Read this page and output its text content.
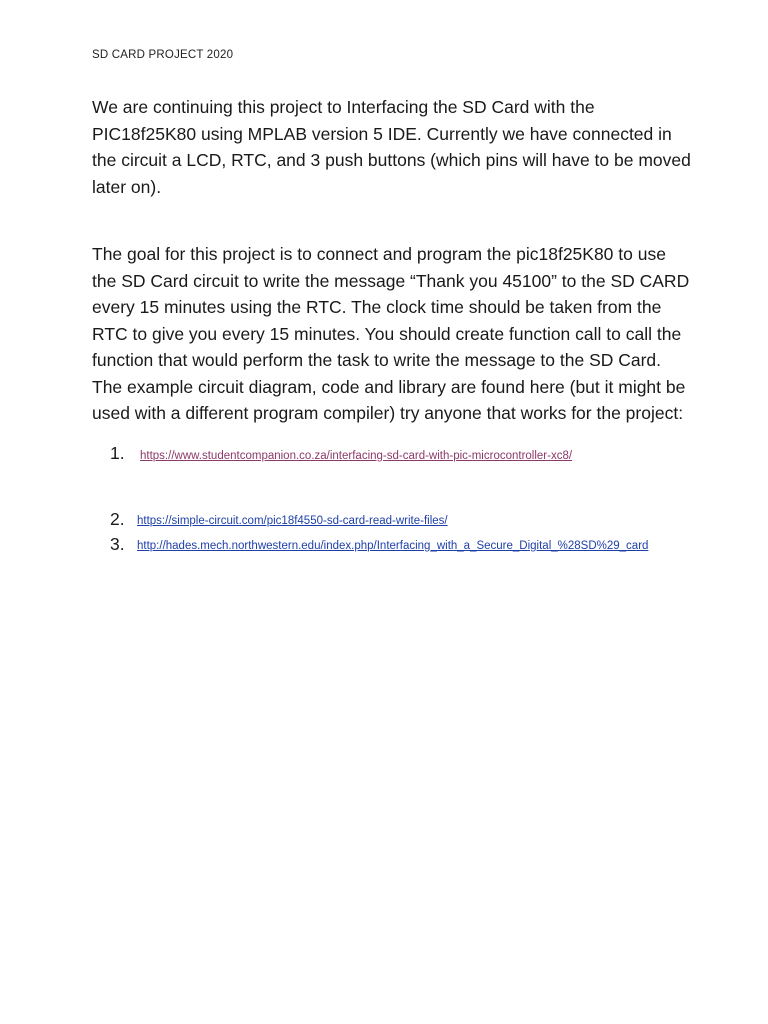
SD CARD PROJECT 2020

We are continuing this project to Interfacing the SD Card with the PIC18f25K80 using MPLAB version 5 IDE. Currently we have connected in the circuit a LCD, RTC, and 3 push buttons (which pins will have to be moved later on).

The goal for this project is to connect and program the pic18f25K80 to use the SD Card circuit to write the message “Thank you 45100” to the SD CARD every 15 minutes using the RTC. The clock time should be taken from the RTC to give you every 15 minutes. You should create function call to call the function that would perform the task to write the message to the SD Card. The example circuit diagram, code and library are found here (but it might be used with a different program compiler) try anyone that works for the project:

1. https://www.studentcompanion.co.za/interfacing-sd-card-with-pic-microcontroller-xc8/
2. https://simple-circuit.com/pic18f4550-sd-card-read-write-files/
3. http://hades.mech.northwestern.edu/index.php/Interfacing_with_a_Secure_Digital_%28SD%29_card
